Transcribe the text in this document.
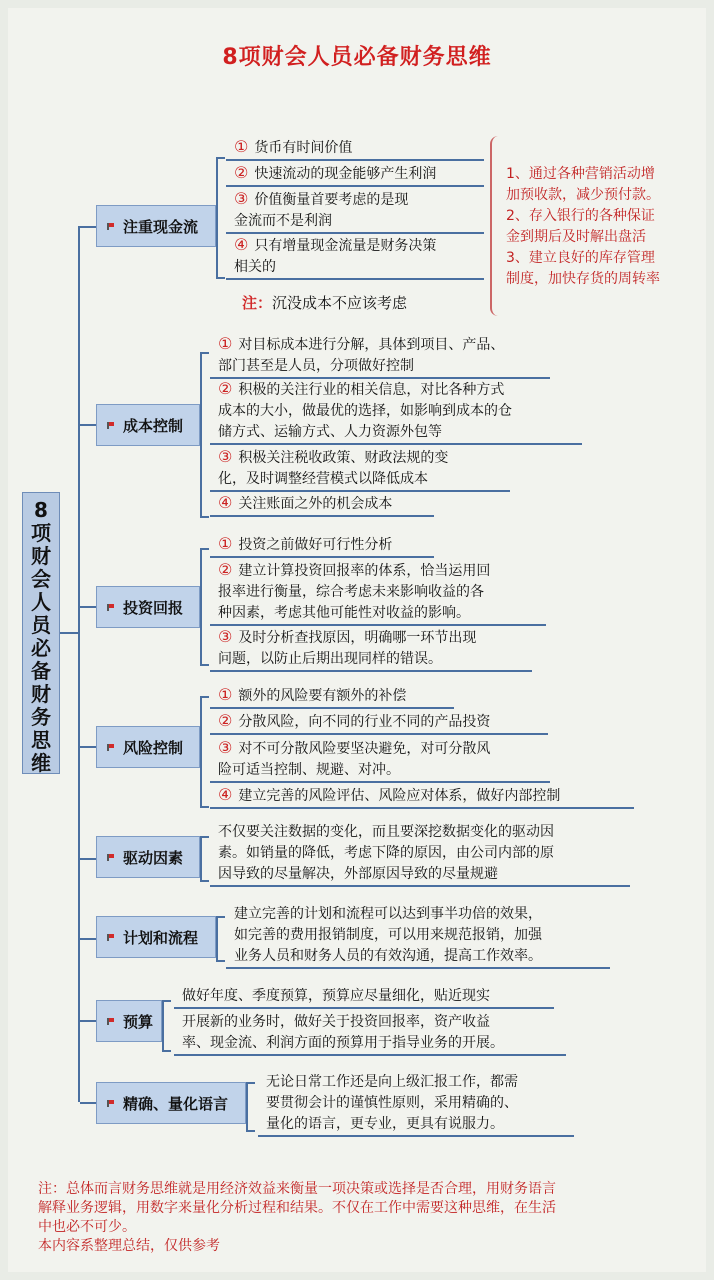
8项财会人员必备财务思维
8
项
财
会
人
员
必
备
财
务
思
维
注重现金流
成本控制
投资回报
风险控制
驱动因素
计划和流程
预算
精确、量化语言
① 货币有时间价值
② 快速流动的现金能够产生利润
③ 价值衡量首要考虑的是现
金流而不是利润
④ 只有增量现金流量是财务决策
相关的
注：沉没成本不应该考虑
1、通过各种营销活动增
加预收款，减少预付款。
2、存入银行的各种保证
金到期后及时解出盘活
3、建立良好的库存管理
制度，加快存货的周转率
① 对目标成本进行分解，具体到项目、产品、
部门甚至是人员，分项做好控制
② 积极的关注行业的相关信息，对比各种方式
成本的大小，做最优的选择，如影响到成本的仓
储方式、运输方式、人力资源外包等
③ 积极关注税收政策、财政法规的变
化，及时调整经营模式以降低成本
④ 关注账面之外的机会成本
① 投资之前做好可行性分析
② 建立计算投资回报率的体系，恰当运用回
报率进行衡量，综合考虑未来影响收益的各
种因素，考虑其他可能性对收益的影响。
③ 及时分析查找原因，明确哪一环节出现
问题，以防止后期出现同样的错误。
① 额外的风险要有额外的补偿
② 分散风险，向不同的行业不同的产品投资
③ 对不可分散风险要坚决避免，对可分散风
险可适当控制、规避、对冲。
④ 建立完善的风险评估、风险应对体系，做好内部控制
不仅要关注数据的变化，而且要深挖数据变化的驱动因
素。如销量的降低，考虑下降的原因，由公司内部的原
因导致的尽量解决，外部原因导致的尽量规避
建立完善的计划和流程可以达到事半功倍的效果，
如完善的费用报销制度，可以用来规范报销，加强
业务人员和财务人员的有效沟通，提高工作效率。
做好年度、季度预算，预算应尽量细化，贴近现实
开展新的业务时，做好关于投资回报率，资产收益
率、现金流、利润方面的预算用于指导业务的开展。
无论日常工作还是向上级汇报工作，都需
要贯彻会计的谨慎性原则，采用精确的、
量化的语言，更专业，更具有说服力。
注：总体而言财务思维就是用经济效益来衡量一项决策或选择是否合理，用财务语言
解释业务逻辑，用数字来量化分析过程和结果。不仅在工作中需要这种思维，在生活
中也必不可少。
本内容系整理总结，仅供参考
